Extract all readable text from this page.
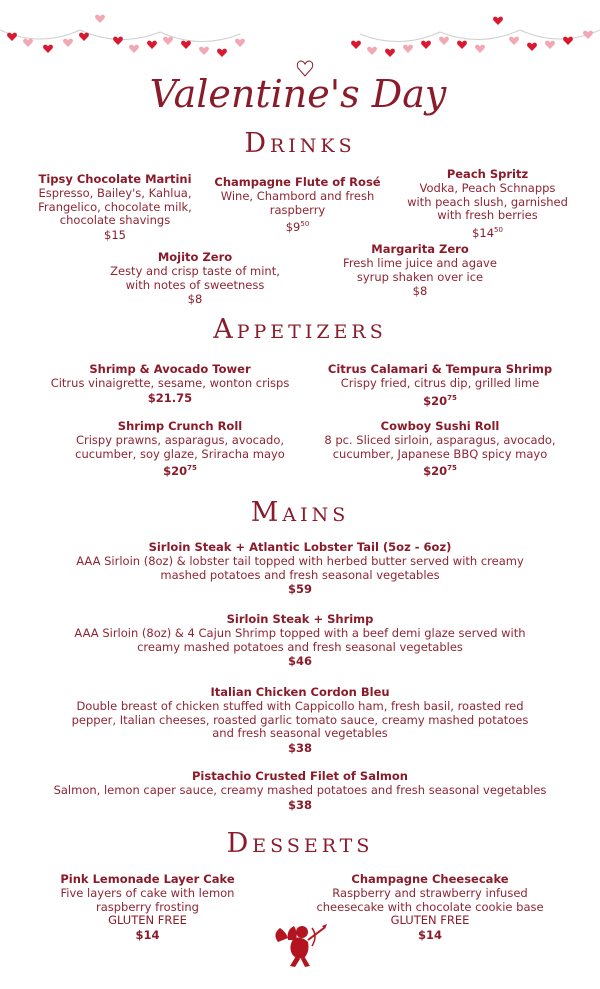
Valentine's Day
Drinks
Tipsy Chocolate Martini
Espresso, Bailey's, Kahlua,
Frangelico, chocolate milk,
chocolate shavings
$15
Champagne Flute of Rosé
Wine, Chambord and fresh
raspberry
$\$9^{50}$
Peach Spritz
Vodka, Peach Schnapps
with peach slush, garnished
with fresh berries
$\$14^{50}$
Mojito Zero
Zesty and crisp taste of mint,
with notes of sweetness
$8
Margarita Zero
Fresh lime juice and agave
syrup shaken over ice
$8
Appetizers
Shrimp & Avocado Tower
Citrus vinaigrette, sesame, wonton crisps
$21.75
Citrus Calamari & Tempura Shrimp
Crispy fried, citrus dip, grilled lime
$\$20^{75}$
Shrimp Crunch Roll
Crispy prawns, asparagus, avocado,
cucumber, soy glaze, Sriracha mayo
$\$20^{75}$
Cowboy Sushi Roll
8 pc. Sliced sirloin, asparagus, avocado,
cucumber, Japanese BBQ spicy mayo
$\$20^{75}$
Mains
Sirloin Steak + Atlantic Lobster Tail (5oz - 6oz)
AAA Sirloin (8oz) & lobster tail topped with herbed butter served with creamy
mashed potatoes and fresh seasonal vegetables
$59
Sirloin Steak + Shrimp
AAA Sirloin (8oz) & 4 Cajun Shrimp topped with a beef demi glaze served with
creamy mashed potatoes and fresh seasonal vegetables
$46
Italian Chicken Cordon Bleu
Double breast of chicken stuffed with Cappicollo ham, fresh basil, roasted red
pepper, Italian cheeses, roasted garlic tomato sauce, creamy mashed potatoes
and fresh seasonal vegetables
$38
Pistachio Crusted Filet of Salmon
Salmon, lemon caper sauce, creamy mashed potatoes and fresh seasonal vegetables
$38
Desserts
Pink Lemonade Layer Cake
Five layers of cake with lemon
raspberry frosting
GLUTEN FREE
$14
Champagne Cheesecake
Raspberry and strawberry infused
cheesecake with chocolate cookie base
GLUTEN FREE
$14
